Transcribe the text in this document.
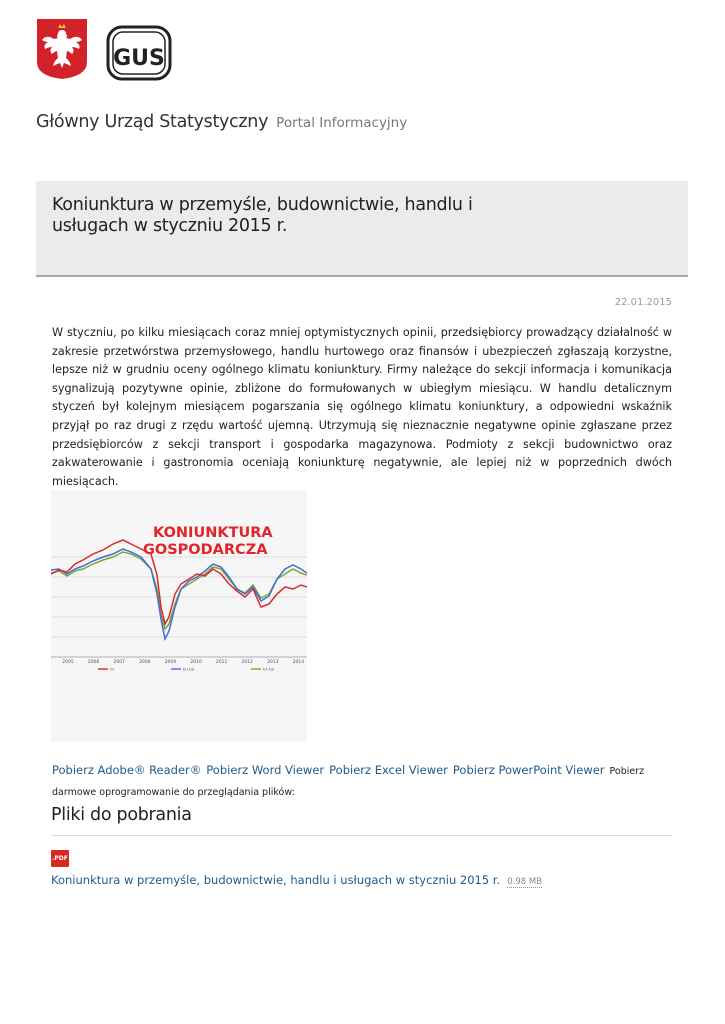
GUS
Główny Urząd Statystyczny Portal Informacyjny
Koniunktura w przemyśle, budownictwie, handlu i usługach w styczniu 2015 r.
22.01.2015

W styczniu, po kilku miesiącach coraz mniej optymistycznych opinii, przedsiębiorcy prowadzący działalność w zakresie przetwórstwa przemysłowego, handlu hurtowego oraz finansów i ubezpieczeń zgłaszają korzystne, lepsze niż w grudniu oceny ogólnego klimatu koniunktury. Firmy należące do sekcji informacja i komunikacja sygnalizują pozytywne opinie, zbliżone do formułowanych w ubiegłym miesiącu. W handlu detalicznym styczeń był kolejnym miesiącem pogarszania się ogólnego klimatu koniunktury, a odpowiedni wskaźnik przyjął po raz drugi z rzędu wartość ujemną. Utrzymują się nieznacznie negatywne opinie zgłaszane przez przedsiębiorców z sekcji transport i gospodarka magazynowa. Podmioty z sekcji budownictwo oraz zakwaterowanie i gastronomia oceniają koniunkturę negatywnie, ale lepiej niż w poprzednich dwóch miesiącach.

KONIUNKTURA
GOSPODARCZA
2005	2006	2007	2008	2009	2010	2011	2012	2013	2014
GI	EU ESI	EA ESI
Pobierz Adobe® Reader® Pobierz Word Viewer Pobierz Excel Viewer Pobierz PowerPoint Viewer Pobierz darmowe oprogramowanie do przeglądania plików:
Pliki do pobrania
.PDF
Koniunktura w przemyśle, budownictwie, handlu i usługach w styczniu 2015 r. 0.98 MB
